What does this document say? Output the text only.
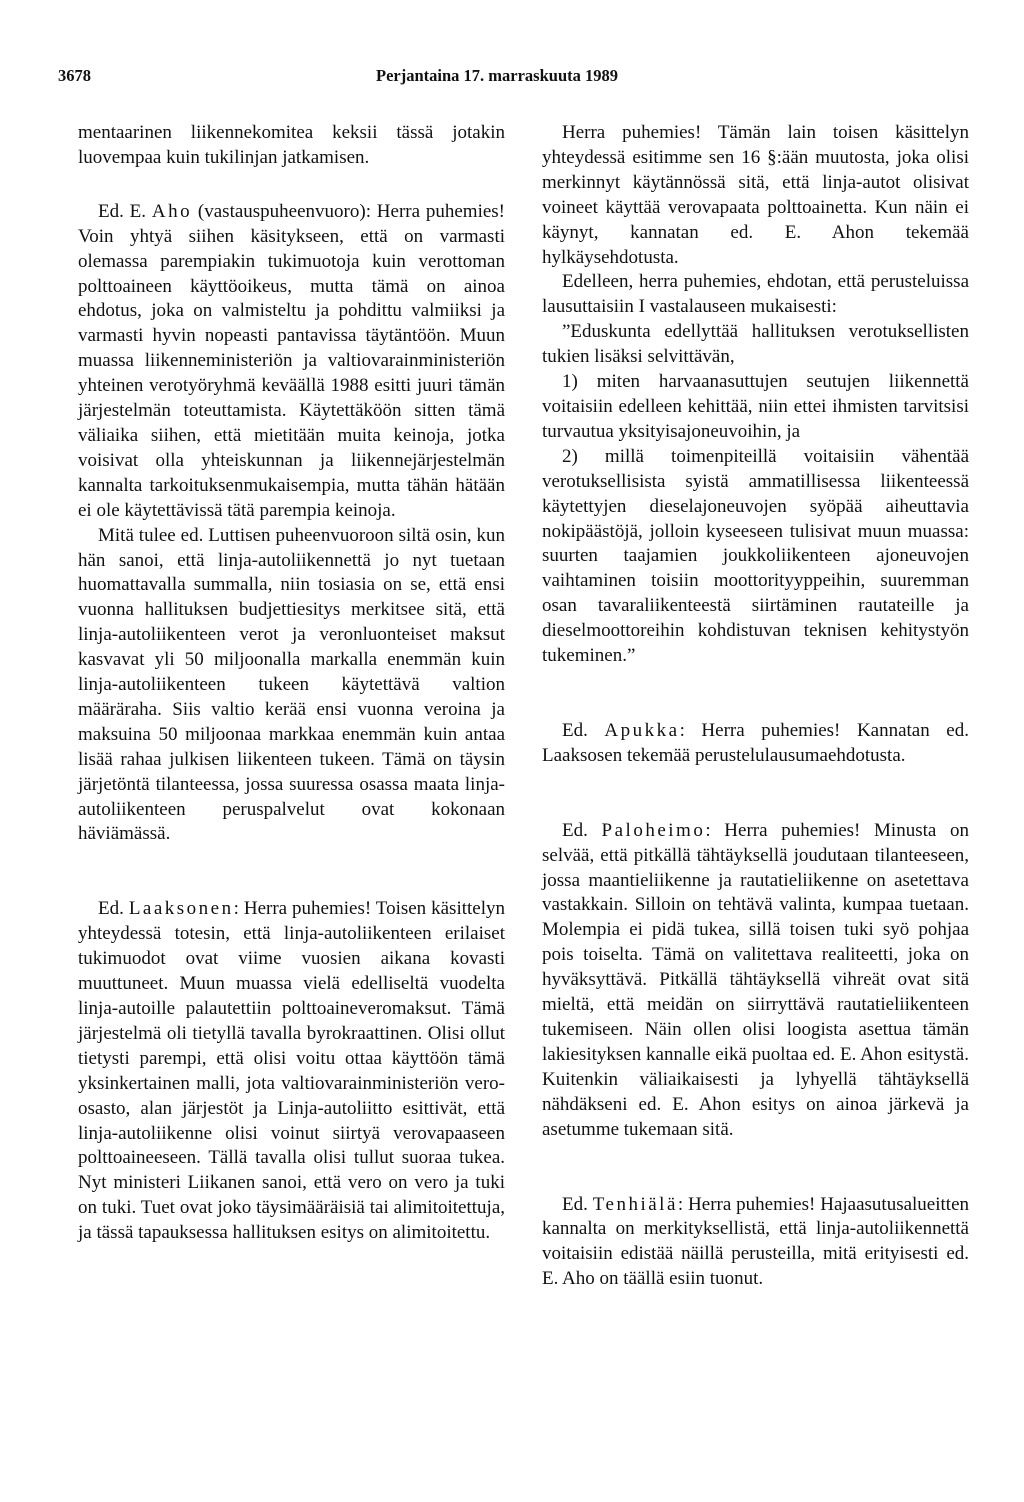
3678	Perjantaina 17. marraskuuta 1989

mentaarinen liikennekomitea keksii tässä jotakin luovempaa kuin tukilinjan jatkamisen.

Ed. E. Aho (vastauspuheenvuoro): Herra puhemies! Voin yhtyä siihen käsitykseen, että on varmasti olemassa parempiakin tukimuotoja kuin verottoman polttoaineen käyttöoikeus, mutta tämä on ainoa ehdotus, joka on valmisteltu ja pohdittu valmiiksi ja varmasti hyvin nopeasti pantavissa täytäntöön. Muun muassa liikenneministeriön ja valtiovarainministeriön yhteinen verotyöryhmä keväällä 1988 esitti juuri tämän järjestelmän toteuttamista. Käytettäköön sitten tämä väliaika siihen, että mietitään muita keinoja, jotka voisivat olla yhteiskunnan ja liikennejärjestelmän kannalta tarkoituksenmukaisempia, mutta tähän hätään ei ole käytettävissä tätä parempia keinoja.

Mitä tulee ed. Luttisen puheenvuoroon siltä osin, kun hän sanoi, että linja-autoliikennettä jo nyt tuetaan huomattavalla summalla, niin tosiasia on se, että ensi vuonna hallituksen budjettiesitys merkitsee sitä, että linja-autoliikenteen verot ja veronluonteiset maksut kasvavat yli 50 miljoonalla markalla enemmän kuin linja-autoliikenteen tukeen käytettävä valtion määräraha. Siis valtio kerää ensi vuonna veroina ja maksuina 50 miljoonaa markkaa enemmän kuin antaa lisää rahaa julkisen liikenteen tukeen. Tämä on täysin järjetöntä tilanteessa, jossa suuressa osassa maata linja-autoliikenteen peruspalvelut ovat kokonaan häviämässä.

Ed. Laaksonen: Herra puhemies! Toisen käsittelyn yhteydessä totesin, että linja-autoliikenteen erilaiset tukimuodot ovat viime vuosien aikana kovasti muuttuneet. Muun muassa vielä edelliseltä vuodelta linja-autoille palautettiin polttoaineveromaksut. Tämä järjestelmä oli tietyllä tavalla byrokraattinen. Olisi ollut tietysti parempi, että olisi voitu ottaa käyttöön tämä yksinkertainen malli, jota valtiovarainministeriön verο-osasto, alan järjestöt ja Linja-autoliitto esittivät, että linja-autoliikenne olisi voinut siirtyä verovapaaseen polttoaineeseen. Tällä tavalla olisi tullut suoraa tukea. Nyt ministeri Liikanen sanoi, että vero on vero ja tuki on tuki. Tuet ovat joko täysimääräisiä tai alimitoitettuja, ja tässä tapauksessa hallituksen esitys on alimitoitettu.

Herra puhemies! Tämän lain toisen käsittelyn yhteydessä esitimme sen 16 §:ään muutosta, joka olisi merkinnyt käytännössä sitä, että linja-autot olisivat voineet käyttää verovapaata polttoainetta. Kun näin ei käynyt, kannatan ed. E. Ahon tekemää hylkäysehdotusta.

Edelleen, herra puhemies, ehdotan, että perusteluissa lausuttaisiin I vastalauseen mukaisesti:

”Eduskunta edellyttää hallituksen verotuksellisten tukien lisäksi selvittävän,

1) miten harvaanasuttujen seutujen liikennettä voitaisiin edelleen kehittää, niin ettei ihmisten tarvitsisi turvautua yksityisajoneuvoihin, ja

2) millä toimenpiteillä voitaisiin vähentää verotuksellisista syistä ammatillisessa liikenteessä käytettyjen dieselajoneuvojen syöpää aiheuttavia nokipäästöjä, jolloin kyseeseen tulisivat muun muassa: suurten taajamien joukkoliikenteen ajoneuvojen vaihtaminen toisiin moottorityyppeihin, suuremman osan tavaraliikenteestä siirtäminen rautateille ja dieselmoottoreihin kohdistuvan teknisen kehitystyön tukeminen.”

Ed. Apukka: Herra puhemies! Kannatan ed. Laaksosen tekemää perustelulausumaehdotusta.

Ed. Paloheimo: Herra puhemies! Minusta on selvää, että pitkällä tähtäyksellä joudutaan tilanteeseen, jossa maantieliikenne ja rautatieliikenne on asetettava vastakkain. Silloin on tehtävä valinta, kumpaa tuetaan. Molempia ei pidä tukea, sillä toisen tuki syö pohjaa pois toiselta. Tämä on valitettava realiteetti, joka on hyväksyttävä. Pitkällä tähtäyksellä vihreät ovat sitä mieltä, että meidän on siirryttävä rautatieliikenteen tukemiseen. Näin ollen olisi loogista asettua tämän lakiesityksen kannalle eikä puoltaa ed. E. Ahon esitystä. Kuitenkin väliaikaisesti ja lyhyellä tähtäyksellä nähdäkseni ed. E. Ahon esitys on ainoa järkevä ja asetumme tukemaan sitä.

Ed. Tenhiälä: Herra puhemies! Hajaasutusalueitten kannalta on merkityksellistä, että linja-autoliikennettä voitaisiin edistää näillä perusteilla, mitä erityisesti ed. E. Aho on täällä esiin tuonut.
